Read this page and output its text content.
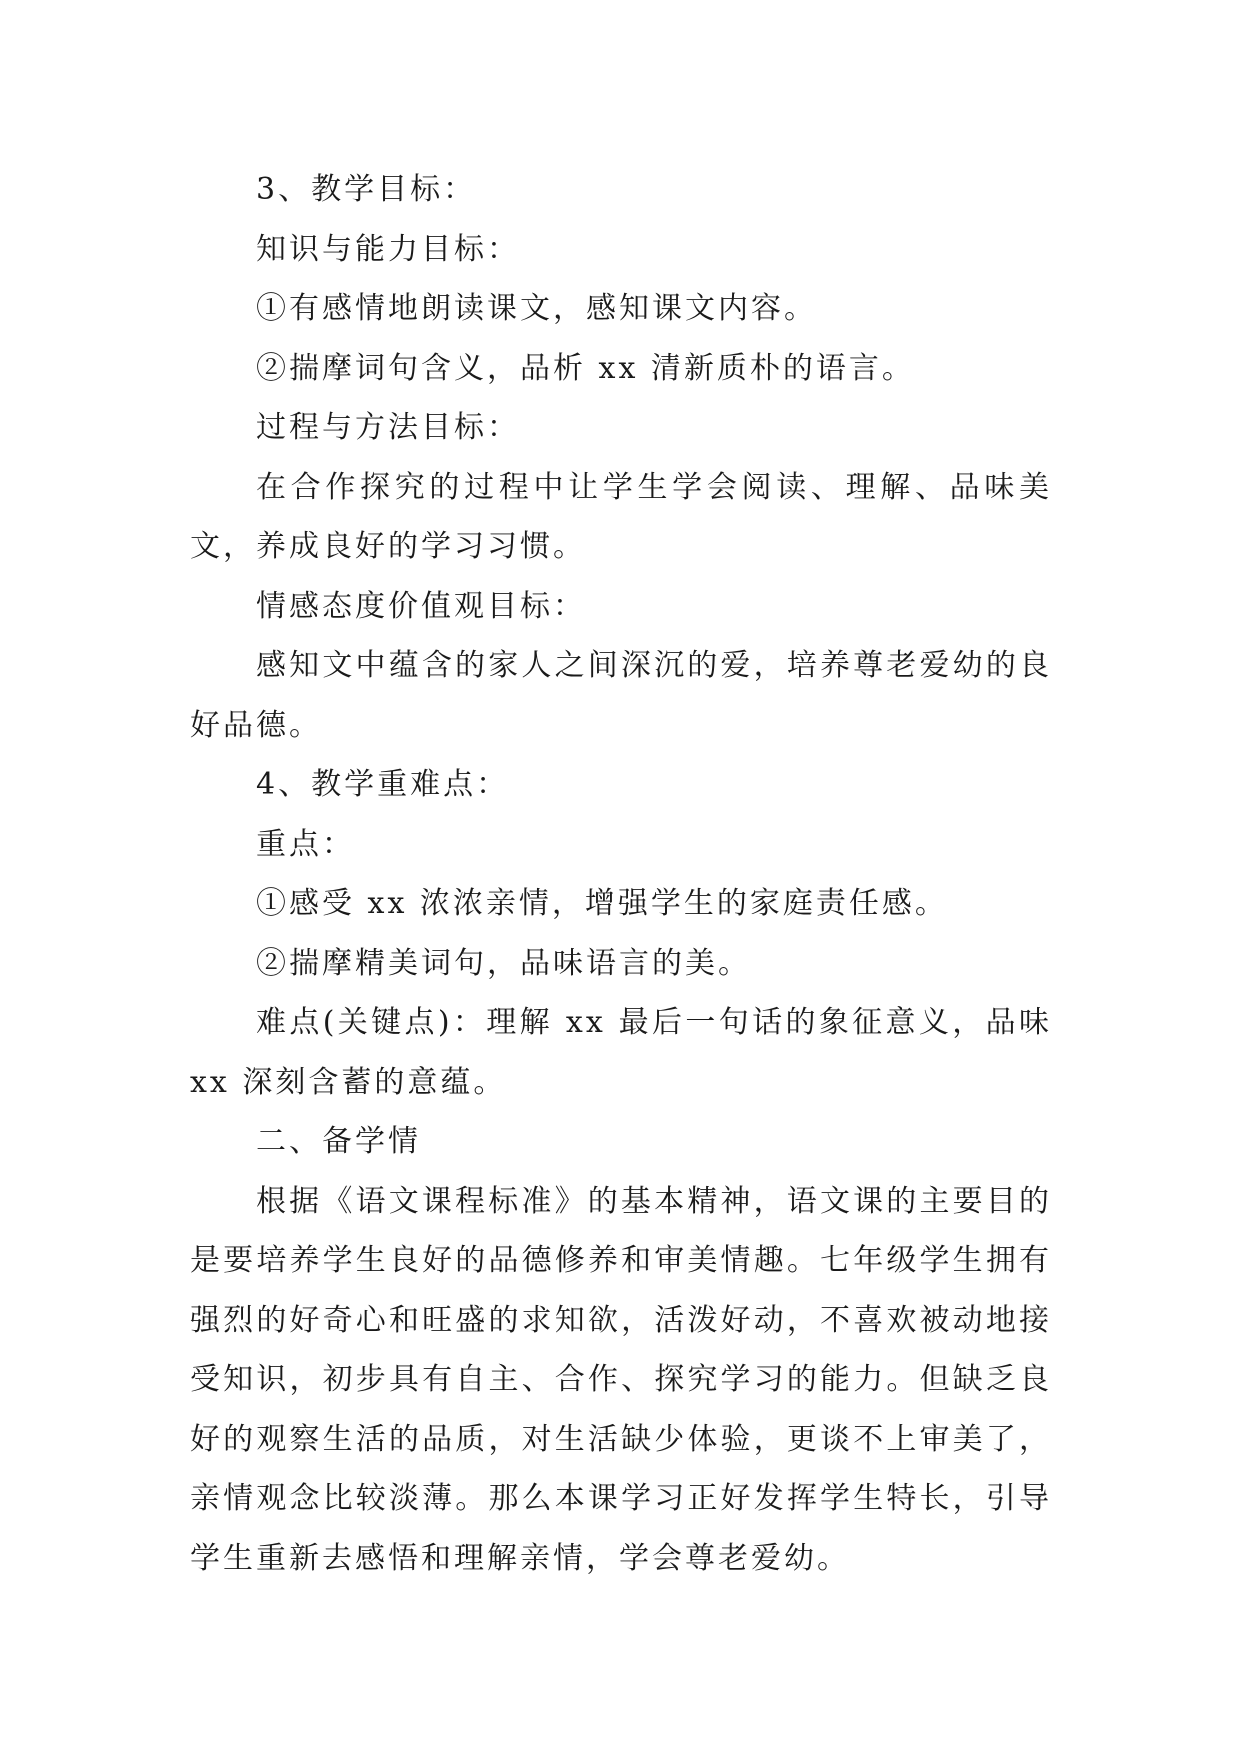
3、教学目标：

知识与能力目标：

①有感情地朗读课文，感知课文内容。

②揣摩词句含义，品析 xx 清新质朴的语言。

过程与方法目标：

在合作探究的过程中让学生学会阅读、理解、品味美文，养成良好的学习习惯。

情感态度价值观目标：

感知文中蕴含的家人之间深沉的爱，培养尊老爱幼的良好品德。

4、教学重难点：

重点：

①感受 xx 浓浓亲情，增强学生的家庭责任感。

②揣摩精美词句，品味语言的美。

难点(关键点)：理解 xx 最后一句话的象征意义，品味 xx 深刻含蓄的意蕴。

二、备学情

根据《语文课程标准》的基本精神，语文课的主要目的是要培养学生良好的品德修养和审美情趣。七年级学生拥有强烈的好奇心和旺盛的求知欲，活泼好动，不喜欢被动地接受知识，初步具有自主、合作、探究学习的能力。但缺乏良好的观察生活的品质，对生活缺少体验，更谈不上审美了，亲情观念比较淡薄。那么本课学习正好发挥学生特长，引导学生重新去感悟和理解亲情，学会尊老爱幼。
